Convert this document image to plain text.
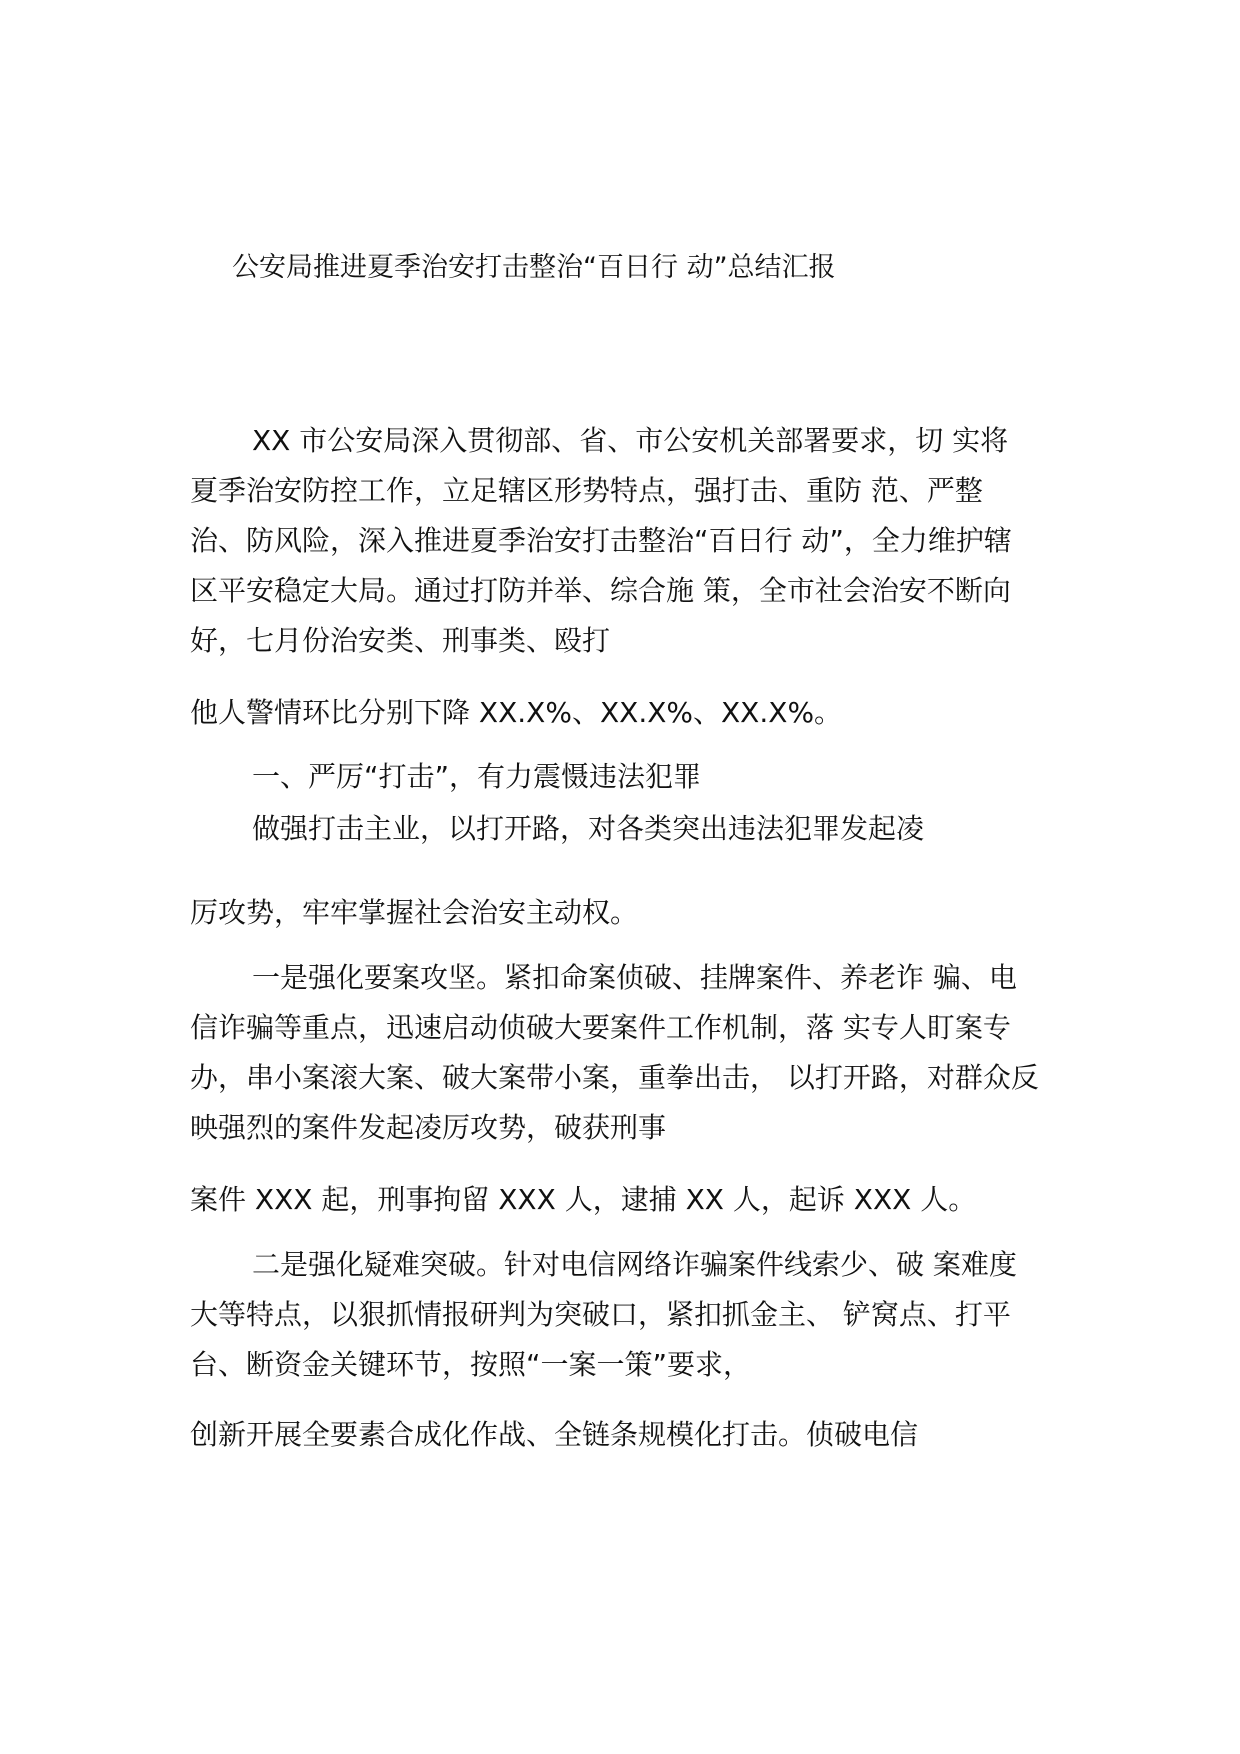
公安局推进夏季治安打击整治“百日行 动”总结汇报
XX 市公安局深入贯彻部、省、市公安机关部署要求，切 实将
夏季治安防控工作，立足辖区形势特点，强打击、重防 范、严整
治、防风险，深入推进夏季治安打击整治“百日行 动”，全力维护辖
区平安稳定大局。通过打防并举、综合施 策，全市社会治安不断向
好，七月份治安类、刑事类、殴打
他人警情环比分别下降 XX.X%、XX.X%、XX.X%。
一、严厉“打击”，有力震慑违法犯罪
做强打击主业，以打开路，对各类突出违法犯罪发起凌
厉攻势，牢牢掌握社会治安主动权。
一是强化要案攻坚。紧扣命案侦破、挂牌案件、养老诈 骗、电
信诈骗等重点，迅速启动侦破大要案件工作机制，落 实专人盯案专
办，串小案滚大案、破大案带小案，重拳出击， 以打开路，对群众反
映强烈的案件发起凌厉攻势，破获刑事
案件 XXX 起，刑事拘留 XXX 人，逮捕 XX 人，起诉 XXX 人。
二是强化疑难突破。针对电信网络诈骗案件线索少、破 案难度
大等特点，以狠抓情报研判为突破口，紧扣抓金主、 铲窝点、打平
台、断资金关键环节，按照“一案一策”要求，
创新开展全要素合成化作战、全链条规模化打击。侦破电信
